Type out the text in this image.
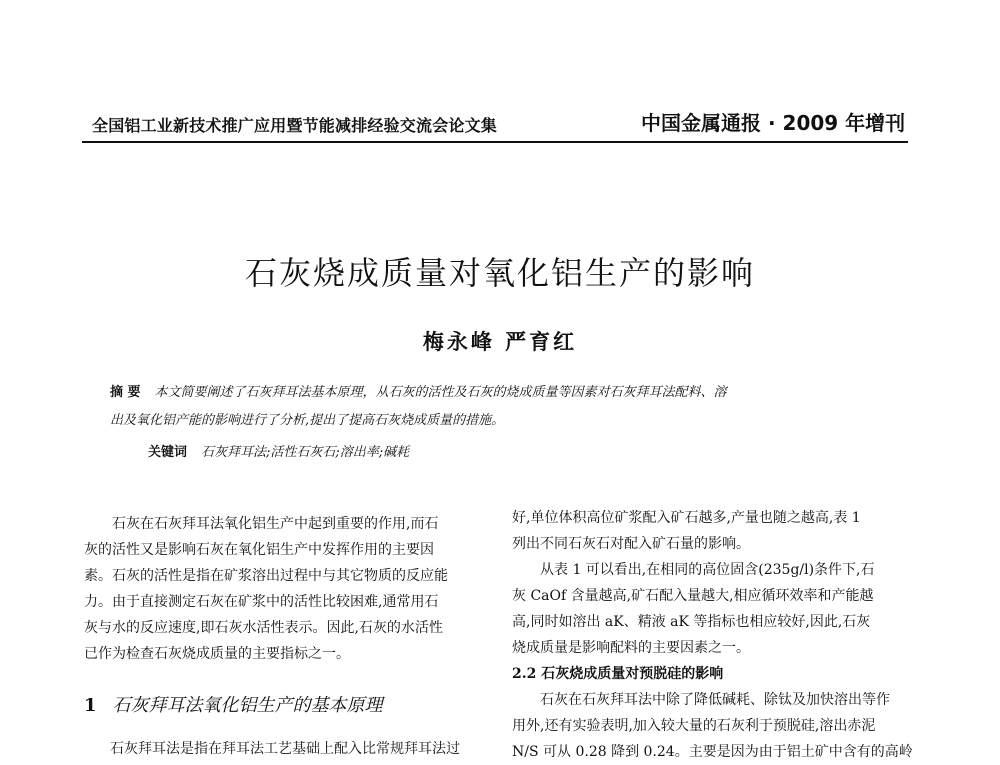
全国铝工业新技术推广应用暨节能减排经验交流会论文集	中国金属通报 · 2009 年增刊
石灰烧成质量对氧化铝生产的影响
梅永峰 严育红
摘 要 本文简要阐述了石灰拜耳法基本原理，从石灰的活性及石灰的烧成质量等因素对石灰拜耳法配料、溶
出及氧化铝产能的影响进行了分析,提出了提高石灰烧成质量的措施。
关键词 石灰拜耳法;活性石灰石;溶出率;碱耗
　　石灰在石灰拜耳法氧化铝生产中起到重要的作用,而石
灰的活性又是影响石灰在氧化铝生产中发挥作用的主要因
素。石灰的活性是指在矿浆溶出过程中与其它物质的反应能
力。由于直接测定石灰在矿浆中的活性比较困难,通常用石
灰与水的反应速度,即石灰水活性表示。因此,石灰的水活性
已作为检查石灰烧成质量的主要指标之一。
1 石灰拜耳法氧化铝生产的基本原理
石灰拜耳法是指在拜耳法工艺基础上配入比常规拜耳法过
好,单位体积高位矿浆配入矿石越多,产量也随之越高,表 1
列出不同石灰石对配入矿石量的影响。
　　从表 1 可以看出,在相同的高位固含(235g/l)条件下,石
灰 CaOf 含量越高,矿石配入量越大,相应循环效率和产能越
高,同时如溶出 aK、精液 aK 等指标也相应较好,因此,石灰
烧成质量是影响配料的主要因素之一。
2.2 石灰烧成质量对预脱硅的影响
　　石灰在石灰拜耳法中除了降低碱耗、除钛及加快溶出等作
用外,还有实验表明,加入较大量的石灰利于预脱硅,溶出赤泥
N/S 可从 0.28 降到 0.24。主要是因为由于铝土矿中含有的高岭
